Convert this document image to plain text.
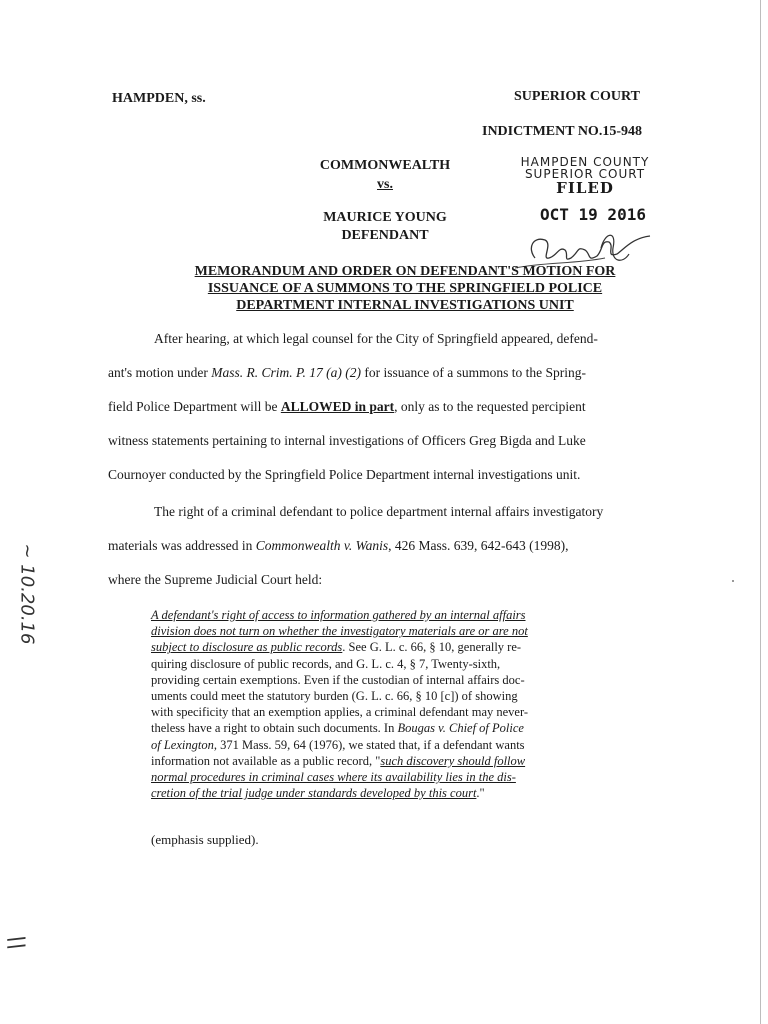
HAMPDEN, ss.	SUPERIOR COURT
INDICTMENT NO.15-948
COMMONWEALTH
vs.
MAURICE YOUNG
DEFENDANT
HAMPDEN COUNTY
SUPERIOR COURT
FILED
OCT 19 2016
MEMORANDUM AND ORDER ON DEFENDANT'S MOTION FOR
ISSUANCE OF A SUMMONS TO THE SPRINGFIELD POLICE
DEPARTMENT INTERNAL INVESTIGATIONS UNIT
After hearing, at which legal counsel for the City of Springfield appeared, defend-
ant's motion under Mass. R. Crim. P. 17 (a) (2) for issuance of a summons to the Spring-
field Police Department will be ALLOWED in part, only as to the requested percipient
witness statements pertaining to internal investigations of Officers Greg Bigda and Luke
Cournoyer conducted by the Springfield Police Department internal investigations unit.
The right of a criminal defendant to police department internal affairs investigatory
materials was addressed in Commonwealth v. Wanis, 426 Mass. 639, 642-643 (1998),
where the Supreme Judicial Court held:
A defendant's right of access to information gathered by an internal affairs
division does not turn on whether the investigatory materials are or are not
subject to disclosure as public records. See G. L. c. 66, § 10, generally re-
quiring disclosure of public records, and G. L. c. 4, § 7, Twenty-sixth,
providing certain exemptions. Even if the custodian of internal affairs doc-
uments could meet the statutory burden (G. L. c. 66, § 10 [c]) of showing
with specificity that an exemption applies, a criminal defendant may never-
theless have a right to obtain such documents. In Bougas v. Chief of Police
of Lexington, 371 Mass. 59, 64 (1976), we stated that, if a defendant wants
information not available as a public record, "such discovery should follow
normal procedures in criminal cases where its availability lies in the dis-
cretion of the trial judge under standards developed by this court."
(emphasis supplied).
~ 10.20.16
\\
